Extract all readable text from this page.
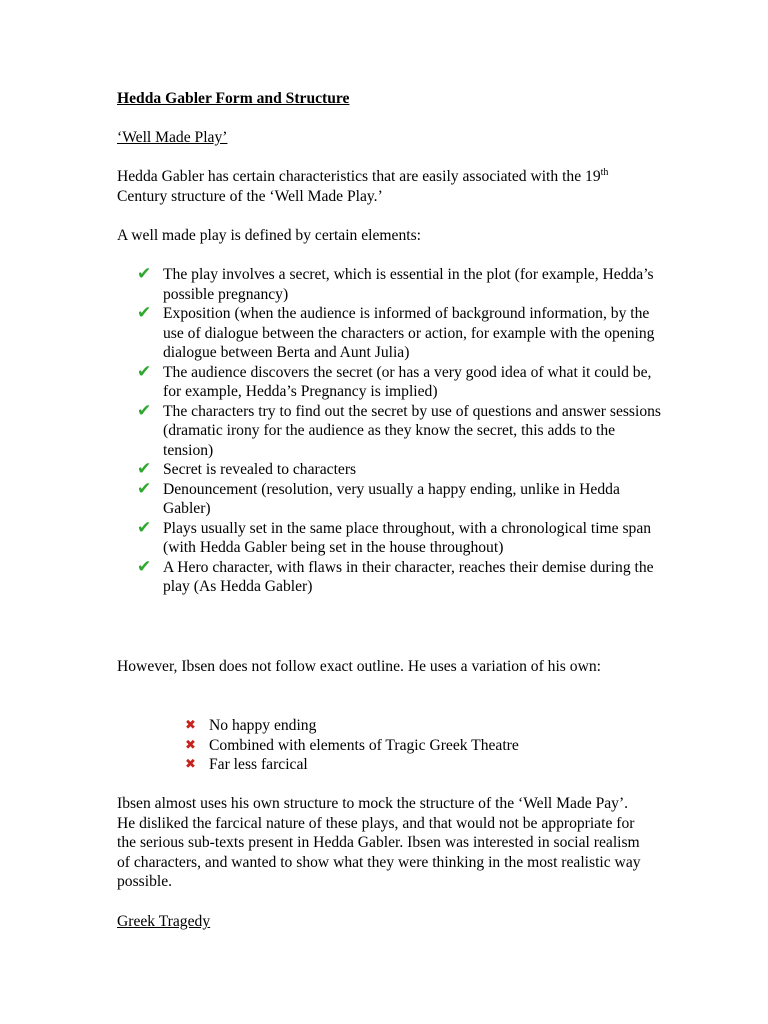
Hedda Gabler Form and Structure

‘Well Made Play’

Hedda Gabler has certain characteristics that are easily associated with the 19th Century structure of the ‘Well Made Play.’

A well made play is defined by certain elements:

✔ The play involves a secret, which is essential in the plot (for example, Hedda’s possible pregnancy)
✔ Exposition (when the audience is informed of background information, by the use of dialogue between the characters or action, for example with the opening dialogue between Berta and Aunt Julia)
✔ The audience discovers the secret (or has a very good idea of what it could be, for example, Hedda’s Pregnancy is implied)
✔ The characters try to find out the secret by use of questions and answer sessions (dramatic irony for the audience as they know the secret, this adds to the tension)
✔ Secret is revealed to characters
✔ Denouncement (resolution, very usually a happy ending, unlike in Hedda Gabler)
✔ Plays usually set in the same place throughout, with a chronological time span (with Hedda Gabler being set in the house throughout)
✔ A Hero character, with flaws in their character, reaches their demise during the play (As Hedda Gabler)

However, Ibsen does not follow exact outline. He uses a variation of his own:

✖ No happy ending
✖ Combined with elements of Tragic Greek Theatre
✖ Far less farcical

Ibsen almost uses his own structure to mock the structure of the ‘Well Made Pay’. He disliked the farcical nature of these plays, and that would not be appropriate for the serious sub-texts present in Hedda Gabler. Ibsen was interested in social realism of characters, and wanted to show what they were thinking in the most realistic way possible.

Greek Tragedy
